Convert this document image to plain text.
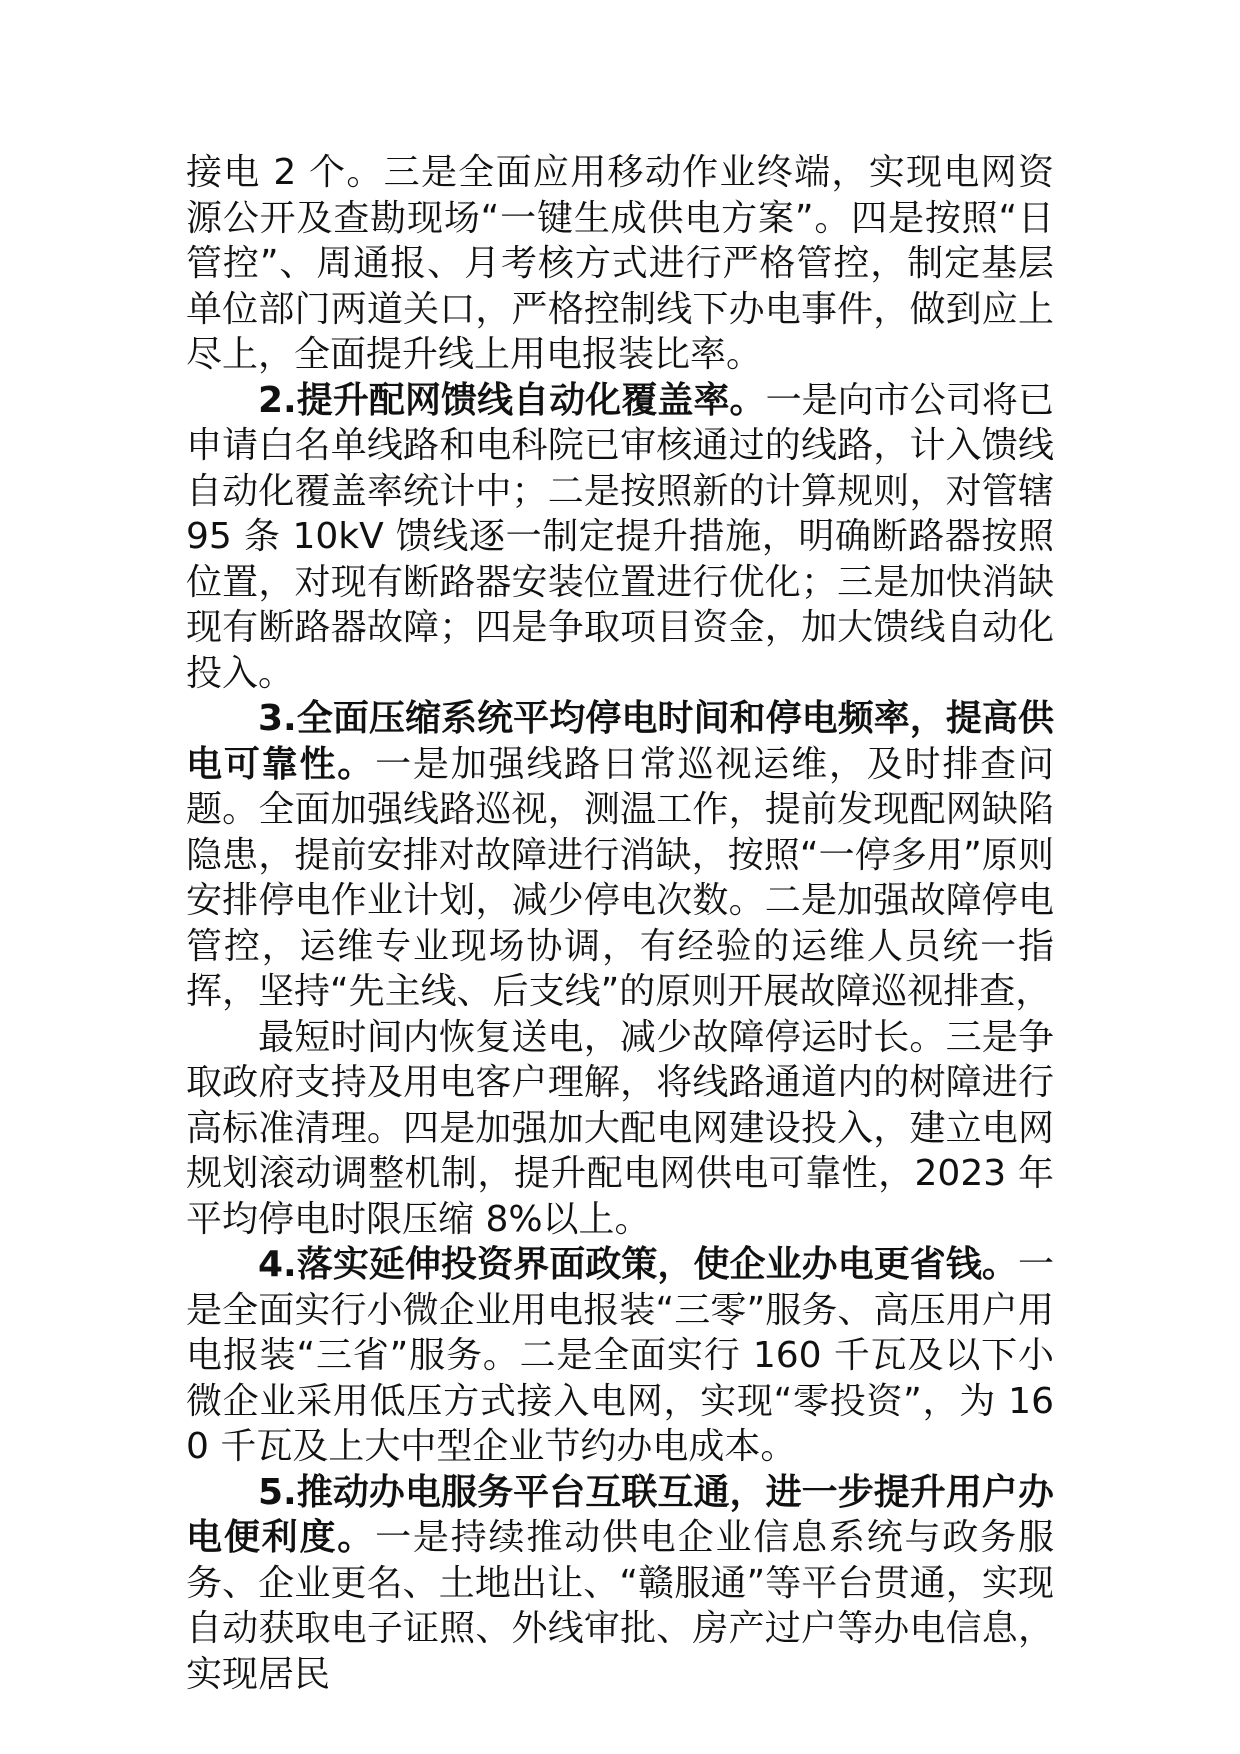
接电 2 个。三是全面应用移动作业终端，实现电网资源公开及查勘现场“一键生成供电方案”。四是按照“日管控”、周通报、月考核方式进行严格管控，制定基层单位部门两道关口，严格控制线下办电事件，做到应上尽上，全面提升线上用电报装比率。

2.提升配网馈线自动化覆盖率。一是向市公司将已申请白名单线路和电科院已审核通过的线路，计入馈线自动化覆盖率统计中；二是按照新的计算规则，对管辖 95 条 10kV 馈线逐一制定提升措施，明确断路器按照位置，对现有断路器安装位置进行优化；三是加快消缺现有断路器故障；四是争取项目资金，加大馈线自动化投入。

3.全面压缩系统平均停电时间和停电频率，提高供电可靠性。一是加强线路日常巡视运维，及时排查问题。全面加强线路巡视，测温工作，提前发现配网缺陷隐患，提前安排对故障进行消缺，按照“一停多用”原则安排停电作业计划，减少停电次数。二是加强故障停电管控，运维专业现场协调，有经验的运维人员统一指挥，坚持“先主线、后支线”的原则开展故障巡视排查，

最短时间内恢复送电，减少故障停运时长。三是争取政府支持及用电客户理解，将线路通道内的树障进行高标准清理。四是加强加大配电网建设投入，建立电网规划滚动调整机制，提升配电网供电可靠性，2023 年平均停电时限压缩 8%以上。

4.落实延伸投资界面政策，使企业办电更省钱。一是全面实行小微企业用电报装“三零”服务、高压用户用电报装“三省”服务。二是全面实行 160 千瓦及以下小微企业采用低压方式接入电网，实现“零投资”，为 160 千瓦及上大中型企业节约办电成本。

5.推动办电服务平台互联互通，进一步提升用户办电便利度。一是持续推动供电企业信息系统与政务服务、企业更名、土地出让、“赣服通”等平台贯通，实现自动获取电子证照、外线审批、房产过户等办电信息，实现居民
